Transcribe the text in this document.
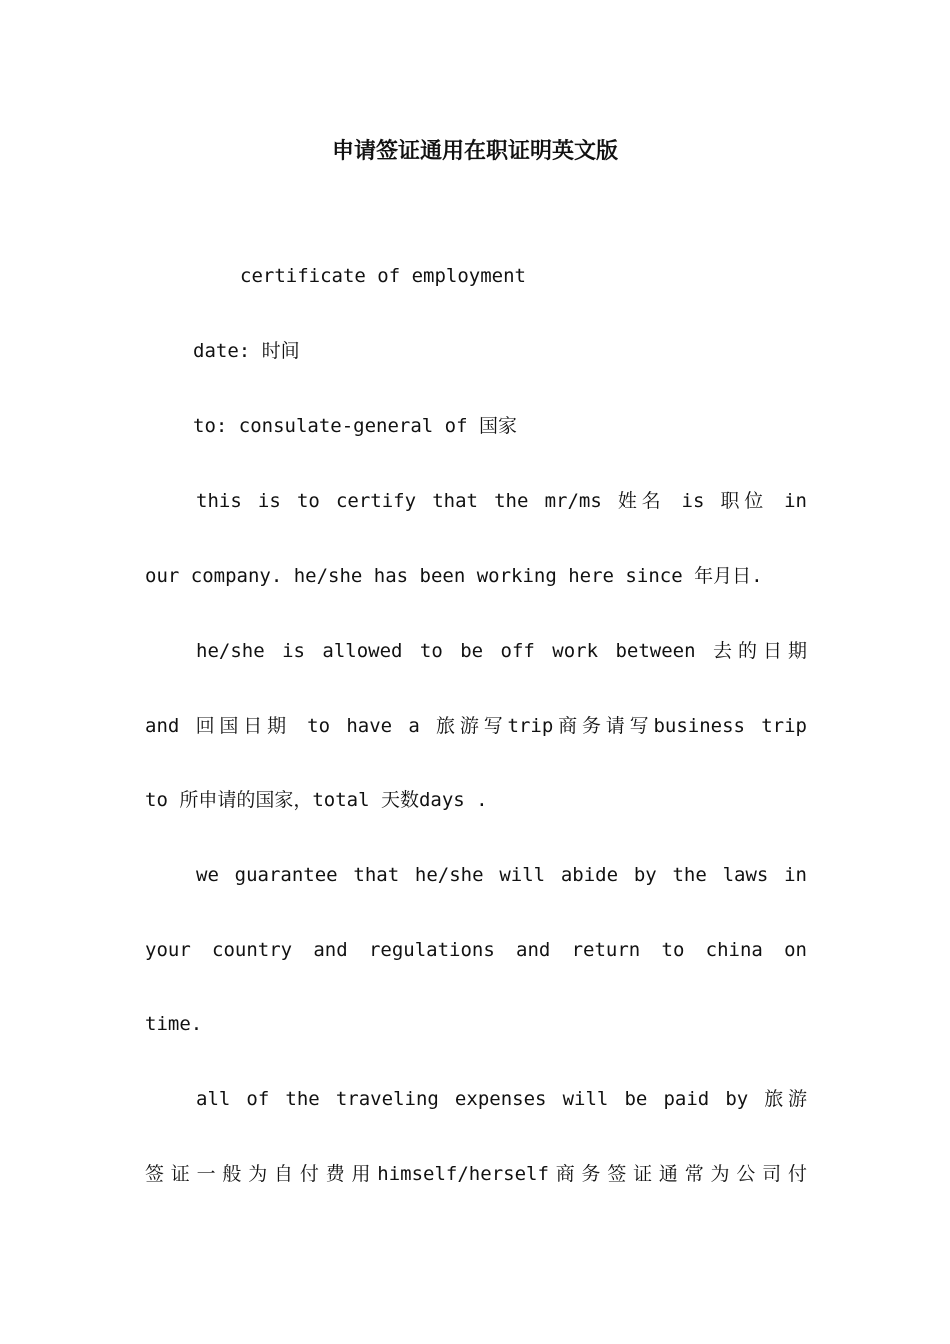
申请签证通用在职证明英文版

certificate of employment

date: 时间

to: consulate-general of 国家

this is to certify that the mr/ms 姓名 is 职位 in

our company. he/she has been working here since 年月日.

he/she is allowed to be off work between 去的日期

and 回国日期 to have a 旅游写trip商务请写business trip

to 所申请的国家，total 天数days .

we guarantee that he/she will abide by the laws in

your country and regulations and return to china on

time.

all of the traveling expenses will be paid by 旅游

签证一般为自付费用himself/herself商务签证通常为公司付
